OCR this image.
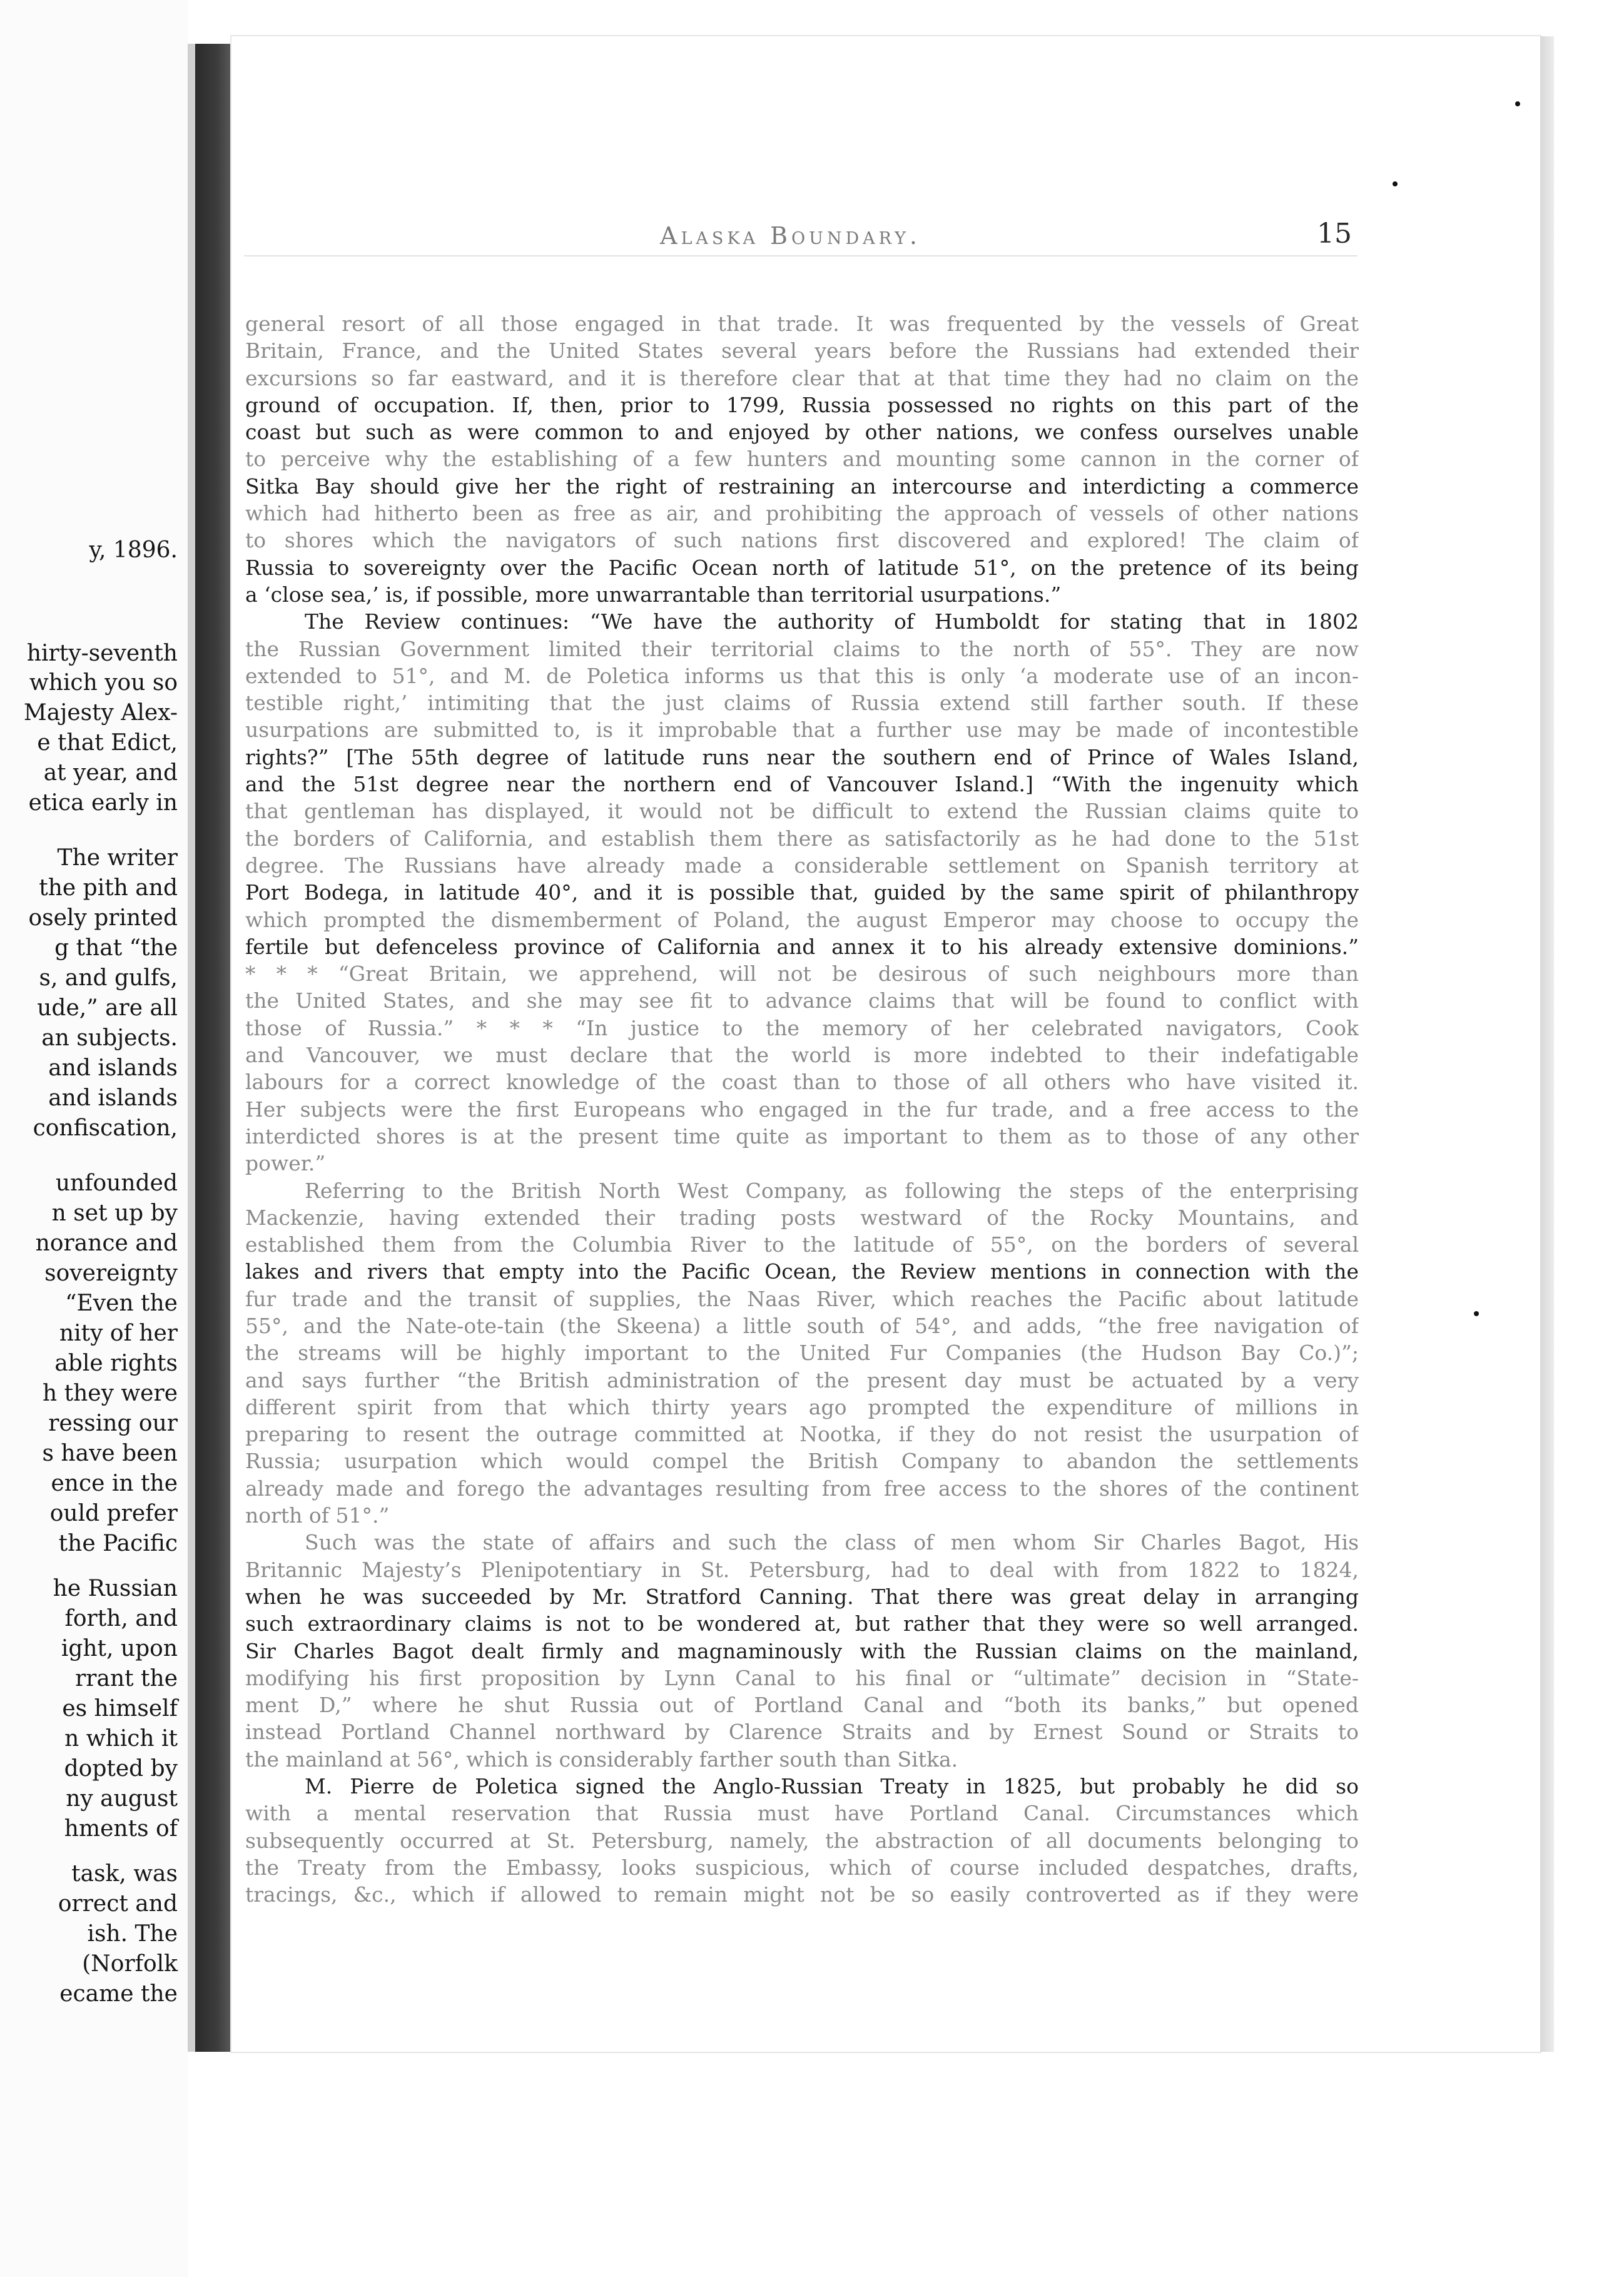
y, 1896.
hirty-seventh
which you so
Majesty Alex-
e that Edict,
at year, and
etica early in
The writer
the pith and
osely printed
g that “the
s, and gulfs,
ude,” are all
an subjects.
and islands
and islands
confiscation,
unfounded
n set up by
norance and
sovereignty
“Even the
nity of her
able rights
h they were
ressing our
s have been
ence in the
ould prefer
the Pacific
he Russian
forth, and
ight, upon
rrant the
es himself
n which it
dopted by
ny august
hments of
task, was
orrect and
ish. The
(Norfolk
ecame the
Alaska Boundary.	15
general resort of all those engaged in that trade. It was frequented by the vessels of Great
Britain, France, and the United States several years before the Russians had extended their
excursions so far eastward, and it is therefore clear that at that time they had no claim on the
ground of occupation. If, then, prior to 1799, Russia possessed no rights on this part of the
coast but such as were common to and enjoyed by other nations, we confess ourselves unable
to perceive why the establishing of a few hunters and mounting some cannon in the corner of
Sitka Bay should give her the right of restraining an intercourse and interdicting a commerce
which had hitherto been as free as air, and prohibiting the approach of vessels of other nations
to shores which the navigators of such nations first discovered and explored! The claim of
Russia to sovereignty over the Pacific Ocean north of latitude 51°, on the pretence of its being
a ‘close sea,’ is, if possible, more unwarrantable than territorial usurpations.”
The Review continues: “We have the authority of Humboldt for stating that in 1802
the Russian Government limited their territorial claims to the north of 55°. They are now
extended to 51°, and M. de Poletica informs us that this is only ‘a moderate use of an incon-
testible right,’ intimiting that the just claims of Russia extend still farther south. If these
usurpations are submitted to, is it improbable that a further use may be made of incontestible
rights?” [The 55th degree of latitude runs near the southern end of Prince of Wales Island,
and the 51st degree near the northern end of Vancouver Island.] “With the ingenuity which
that gentleman has displayed, it would not be difficult to extend the Russian claims quite to
the borders of California, and establish them there as satisfactorily as he had done to the 51st
degree. The Russians have already made a considerable settlement on Spanish territory at
Port Bodega, in latitude 40°, and it is possible that, guided by the same spirit of philanthropy
which prompted the dismemberment of Poland, the august Emperor may choose to occupy the
fertile but defenceless province of California and annex it to his already extensive dominions.”
* * * “Great Britain, we apprehend, will not be desirous of such neighbours more than
the United States, and she may see fit to advance claims that will be found to conflict with
those of Russia.” * * * “In justice to the memory of her celebrated navigators, Cook
and Vancouver, we must declare that the world is more indebted to their indefatigable
labours for a correct knowledge of the coast than to those of all others who have visited it.
Her subjects were the first Europeans who engaged in the fur trade, and a free access to the
interdicted shores is at the present time quite as important to them as to those of any other
power.”
Referring to the British North West Company, as following the steps of the enterprising
Mackenzie, having extended their trading posts westward of the Rocky Mountains, and
established them from the Columbia River to the latitude of 55°, on the borders of several
lakes and rivers that empty into the Pacific Ocean, the Review mentions in connection with the
fur trade and the transit of supplies, the Naas River, which reaches the Pacific about latitude
55°, and the Nate-ote-tain (the Skeena) a little south of 54°, and adds, “the free navigation of
the streams will be highly important to the United Fur Companies (the Hudson Bay Co.)”;
and says further “the British administration of the present day must be actuated by a very
different spirit from that which thirty years ago prompted the expenditure of millions in
preparing to resent the outrage committed at Nootka, if they do not resist the usurpation of
Russia; usurpation which would compel the British Company to abandon the settlements
already made and forego the advantages resulting from free access to the shores of the continent
north of 51°.”
Such was the state of affairs and such the class of men whom Sir Charles Bagot, His
Britannic Majesty’s Plenipotentiary in St. Petersburg, had to deal with from 1822 to 1824,
when he was succeeded by Mr. Stratford Canning. That there was great delay in arranging
such extraordinary claims is not to be wondered at, but rather that they were so well arranged.
Sir Charles Bagot dealt firmly and magnaminously with the Russian claims on the mainland,
modifying his first proposition by Lynn Canal to his final or “ultimate” decision in “State-
ment D,” where he shut Russia out of Portland Canal and “both its banks,” but opened
instead Portland Channel northward by Clarence Straits and by Ernest Sound or Straits to
the mainland at 56°, which is considerably farther south than Sitka.
M. Pierre de Poletica signed the Anglo-Russian Treaty in 1825, but probably he did so
with a mental reservation that Russia must have Portland Canal. Circumstances which
subsequently occurred at St. Petersburg, namely, the abstraction of all documents belonging to
the Treaty from the Embassy, looks suspicious, which of course included despatches, drafts,
tracings, &c., which if allowed to remain might not be so easily controverted as if they were
